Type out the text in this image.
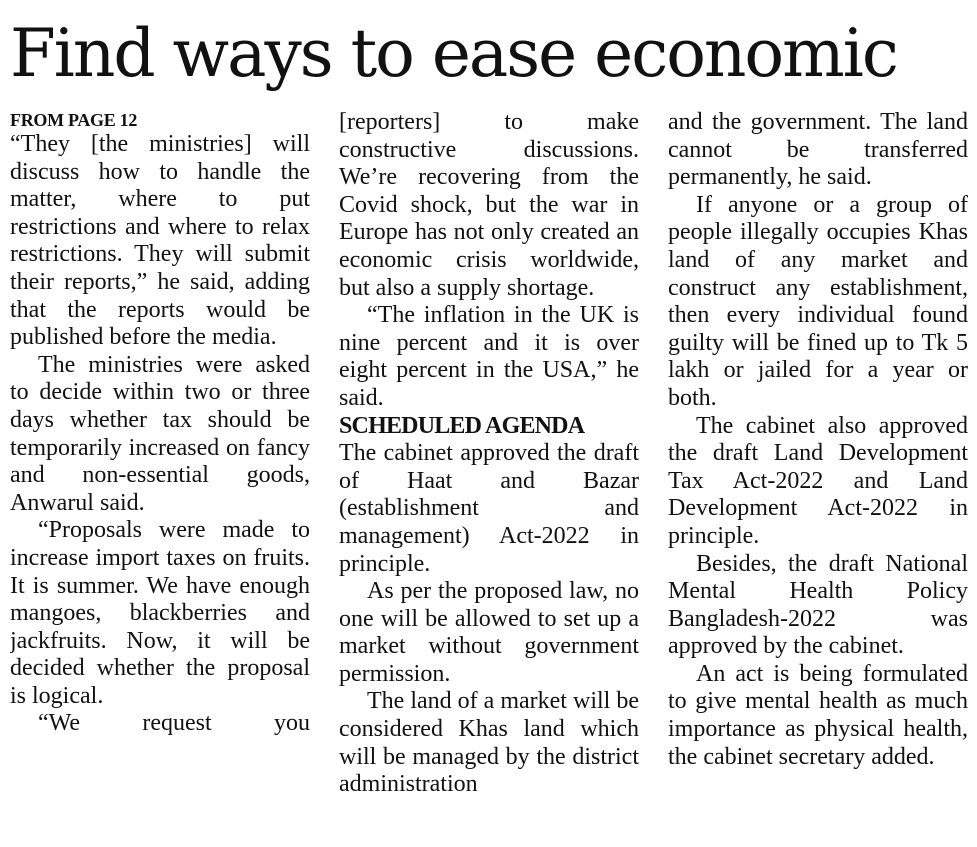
Find ways to ease economic
FROM PAGE 12

“They [the ministries] will discuss how to handle the matter, where to put restrictions and where to relax restrictions. They will submit their reports,” he said, adding that the reports would be published before the media.

The ministries were asked to decide within two or three days whether tax should be temporarily increased on fancy and non-essential goods, Anwarul said.

“Proposals were made to increase import taxes on fruits. It is summer. We have enough mangoes, blackberries and jackfruits. Now, it will be decided whether the proposal is logical.

“We request you

[reporters] to make constructive discussions. We’re recovering from the Covid shock, but the war in Europe has not only created an economic crisis worldwide, but also a supply shortage.

“The inflation in the UK is nine percent and it is over eight percent in the USA,” he said.

SCHEDULED AGENDA

The cabinet approved the draft of Haat and Bazar (establishment and management) Act-2022 in principle.

As per the proposed law, no one will be allowed to set up a market without government permission.

The land of a market will be considered Khas land which will be managed by the district administration

and the government. The land cannot be transferred permanently, he said.

If anyone or a group of people illegally occupies Khas land of any market and construct any establishment, then every individual found guilty will be fined up to Tk 5 lakh or jailed for a year or both.

The cabinet also approved the draft Land Development Tax Act-2022 and Land Development Act-2022 in principle.

Besides, the draft National Mental Health Policy Bangladesh-2022 was approved by the cabinet.

An act is being formulated to give mental health as much importance as physical health, the cabinet secretary added.
